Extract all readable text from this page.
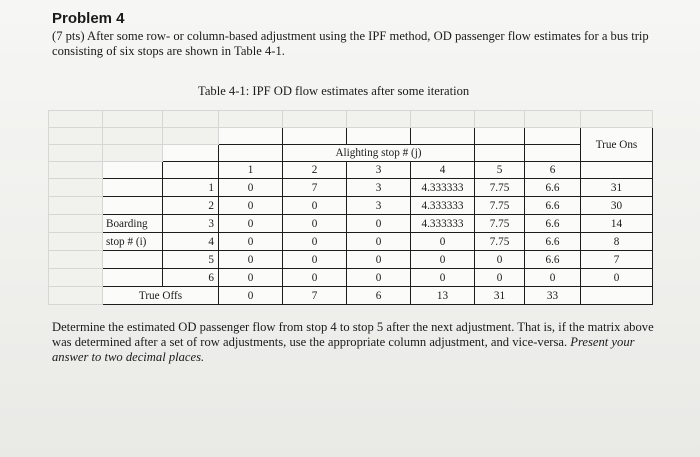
Problem 4
(7 pts) After some row- or column-based adjustment using the IPF method, OD passenger flow estimates for a bus trip consisting of six stops are shown in Table 4-1.
Table 4-1: IPF OD flow estimates after some iteration

									True Ons
				Alighting stop # (j)					
			1	2	3	4	5	6	
		1	0	7	3	4.333333	7.75	6.6	31
		2	0	0	3	4.333333	7.75	6.6	30
	Boarding	3	0	0	0	4.333333	7.75	6.6	14
	stop # (i)	4	0	0	0	0	7.75	6.6	8
		5	0	0	0	0	0	6.6	7
		6	0	0	0	0	0	0	0
	True Offs		0	7	6	13	31	33	
Determine the estimated OD passenger flow from stop 4 to stop 5 after the next adjustment. That is, if the matrix above was determined after a set of row adjustments, use the appropriate column adjustment, and vice-versa. Present your answer to two decimal places.
